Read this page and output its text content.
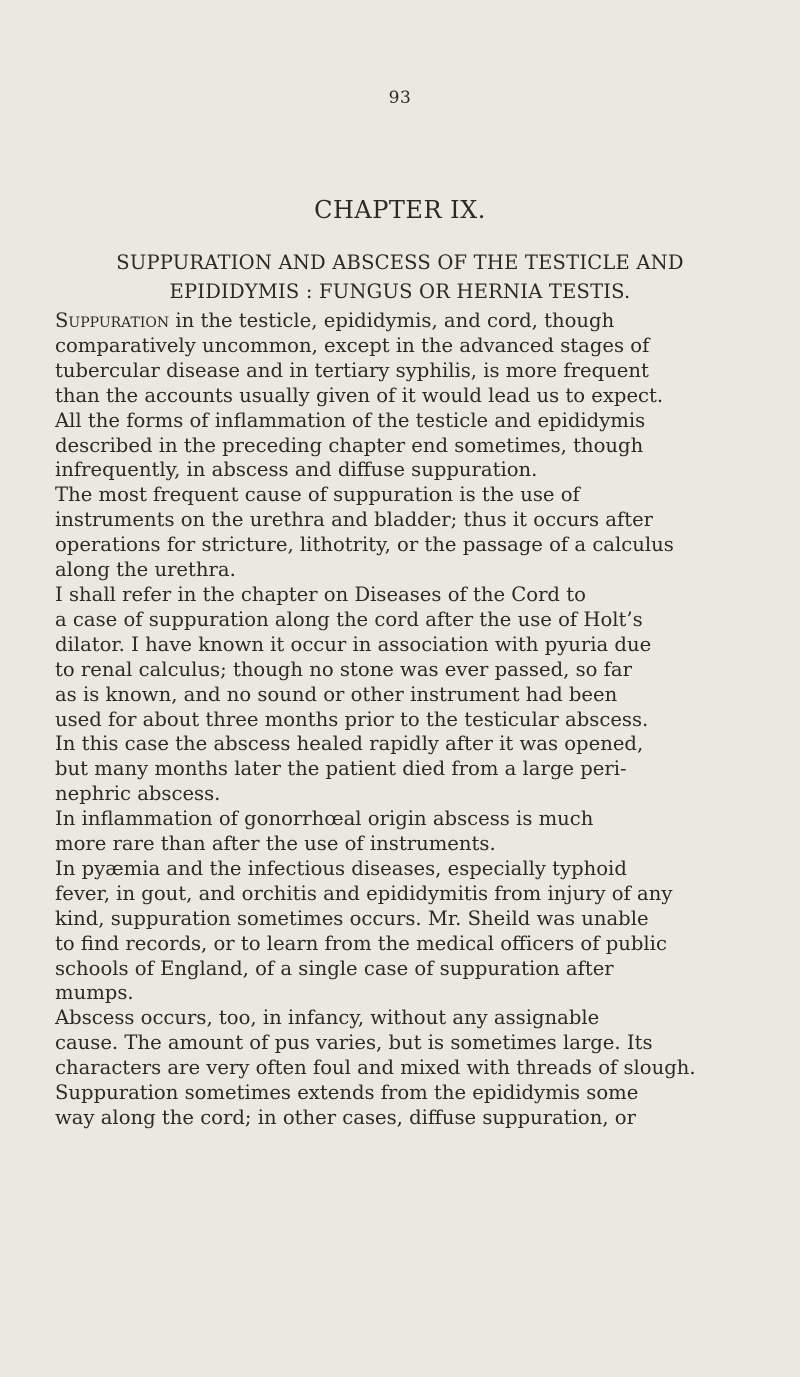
93
CHAPTER IX.
SUPPURATION AND ABSCESS OF THE TESTICLE AND
EPIDIDYMIS : FUNGUS OR HERNIA TESTIS.

Suppuration in the testicle, epididymis, and cord, though
comparatively uncommon, except in the advanced stages of
tubercular disease and in tertiary syphilis, is more frequent
than the accounts usually given of it would lead us to expect.
All the forms of inflammation of the testicle and epididymis
described in the preceding chapter end sometimes, though
infrequently, in abscess and diffuse suppuration.

The most frequent cause of suppuration is the use of
instruments on the urethra and bladder; thus it occurs after
operations for stricture, lithotrity, or the passage of a calculus
along the urethra.

I shall refer in the chapter on Diseases of the Cord to
a case of suppuration along the cord after the use of Holt’s
dilator. I have known it occur in association with pyuria due
to renal calculus; though no stone was ever passed, so far
as is known, and no sound or other instrument had been
used for about three months prior to the testicular abscess.
In this case the abscess healed rapidly after it was opened,
but many months later the patient died from a large peri-
nephric abscess.

In inflammation of gonorrhœal origin abscess is much
more rare than after the use of instruments.

In pyæmia and the infectious diseases, especially typhoid
fever, in gout, and orchitis and epididymitis from injury of any
kind, suppuration sometimes occurs. Mr. Sheild was unable
to find records, or to learn from the medical officers of public
schools of England, of a single case of suppuration after
mumps.

Abscess occurs, too, in infancy, without any assignable
cause. The amount of pus varies, but is sometimes large. Its
characters are very often foul and mixed with threads of slough.

Suppuration sometimes extends from the epididymis some
way along the cord; in other cases, diffuse suppuration, or
